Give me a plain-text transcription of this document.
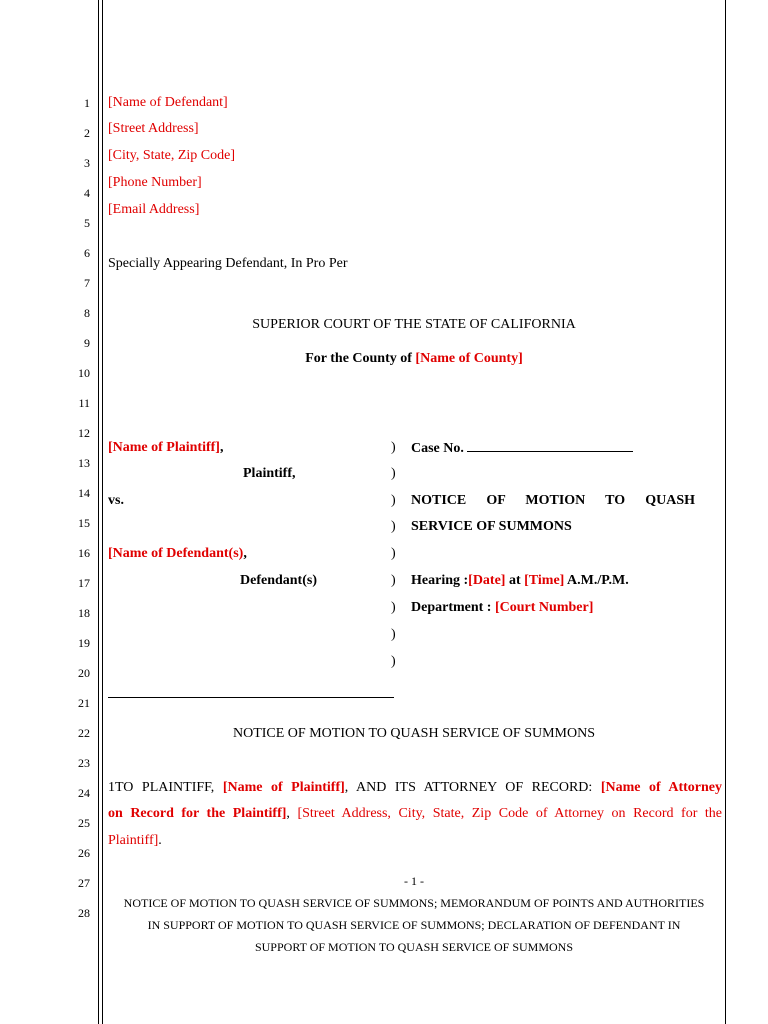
1
2
3
4
5
6
7
8
9
10
11
12
13
14
15
16
17
18
19
20
21
22
23
24
25
26
27
28
[Name of Defendant]
[Street Address]
[City, State, Zip Code]
[Phone Number]
[Email Address]
Specially Appearing Defendant, In Pro Per
SUPERIOR COURT OF THE STATE OF CALIFORNIA
For the County of [Name of County]
[Name of Plaintiff],
Plaintiff,
vs.
[Name of Defendant(s),
Defendant(s)
)
)
)
)
)
)
)
)
)
Case No.
NOTICE OF MOTION TO QUASH
SERVICE OF SUMMONS
Hearing :[Date] at [Time] A.M./P.M.
Department : [Court Number]
NOTICE OF MOTION TO QUASH SERVICE OF SUMMONS
1TO PLAINTIFF, [Name of Plaintiff], AND ITS ATTORNEY OF RECORD: [Name of Attorney
on Record for the Plaintiff], [Street Address, City, State, Zip Code of Attorney on Record for the
Plaintiff].
- 1 -
NOTICE OF MOTION TO QUASH SERVICE OF SUMMONS; MEMORANDUM OF POINTS AND AUTHORITIES
IN SUPPORT OF MOTION TO QUASH SERVICE OF SUMMONS; DECLARATION OF DEFENDANT IN
SUPPORT OF MOTION TO QUASH SERVICE OF SUMMONS
